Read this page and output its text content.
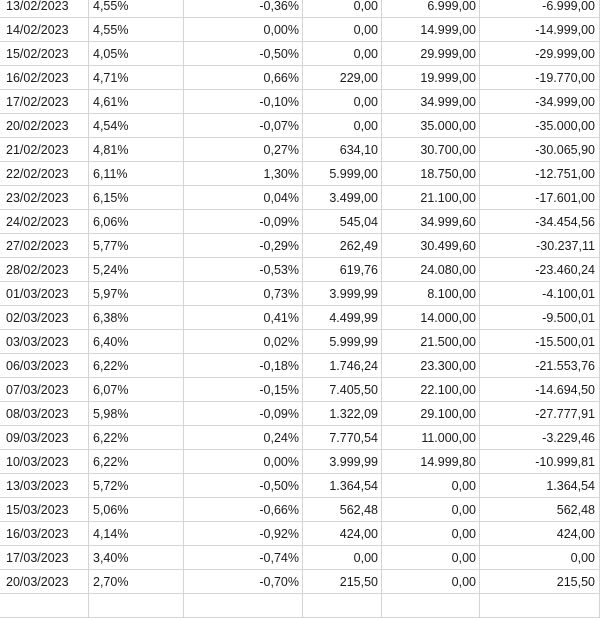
13/02/2023	4,55%	-0,36%	0,00	6.999,00	-6.999,00
14/02/2023	4,55%	0,00%	0,00	14.999,00	-14.999,00
15/02/2023	4,05%	-0,50%	0,00	29.999,00	-29.999,00
16/02/2023	4,71%	0,66%	229,00	19.999,00	-19.770,00
17/02/2023	4,61%	-0,10%	0,00	34.999,00	-34.999,00
20/02/2023	4,54%	-0,07%	0,00	35.000,00	-35.000,00
21/02/2023	4,81%	0,27%	634,10	30.700,00	-30.065,90
22/02/2023	6,11%	1,30%	5.999,00	18.750,00	-12.751,00
23/02/2023	6,15%	0,04%	3.499,00	21.100,00	-17.601,00
24/02/2023	6,06%	-0,09%	545,04	34.999,60	-34.454,56
27/02/2023	5,77%	-0,29%	262,49	30.499,60	-30.237,11
28/02/2023	5,24%	-0,53%	619,76	24.080,00	-23.460,24
01/03/2023	5,97%	0,73%	3.999,99	8.100,00	-4.100,01
02/03/2023	6,38%	0,41%	4.499,99	14.000,00	-9.500,01
03/03/2023	6,40%	0,02%	5.999,99	21.500,00	-15.500,01
06/03/2023	6,22%	-0,18%	1.746,24	23.300,00	-21.553,76
07/03/2023	6,07%	-0,15%	7.405,50	22.100,00	-14.694,50
08/03/2023	5,98%	-0,09%	1.322,09	29.100,00	-27.777,91
09/03/2023	6,22%	0,24%	7.770,54	11.000,00	-3.229,46
10/03/2023	6,22%	0,00%	3.999,99	14.999,80	-10.999,81
13/03/2023	5,72%	-0,50%	1.364,54	0,00	1.364,54
15/03/2023	5,06%	-0,66%	562,48	0,00	562,48
16/03/2023	4,14%	-0,92%	424,00	0,00	424,00
17/03/2023	3,40%	-0,74%	0,00	0,00	0,00
20/03/2023	2,70%	-0,70%	215,50	0,00	215,50
